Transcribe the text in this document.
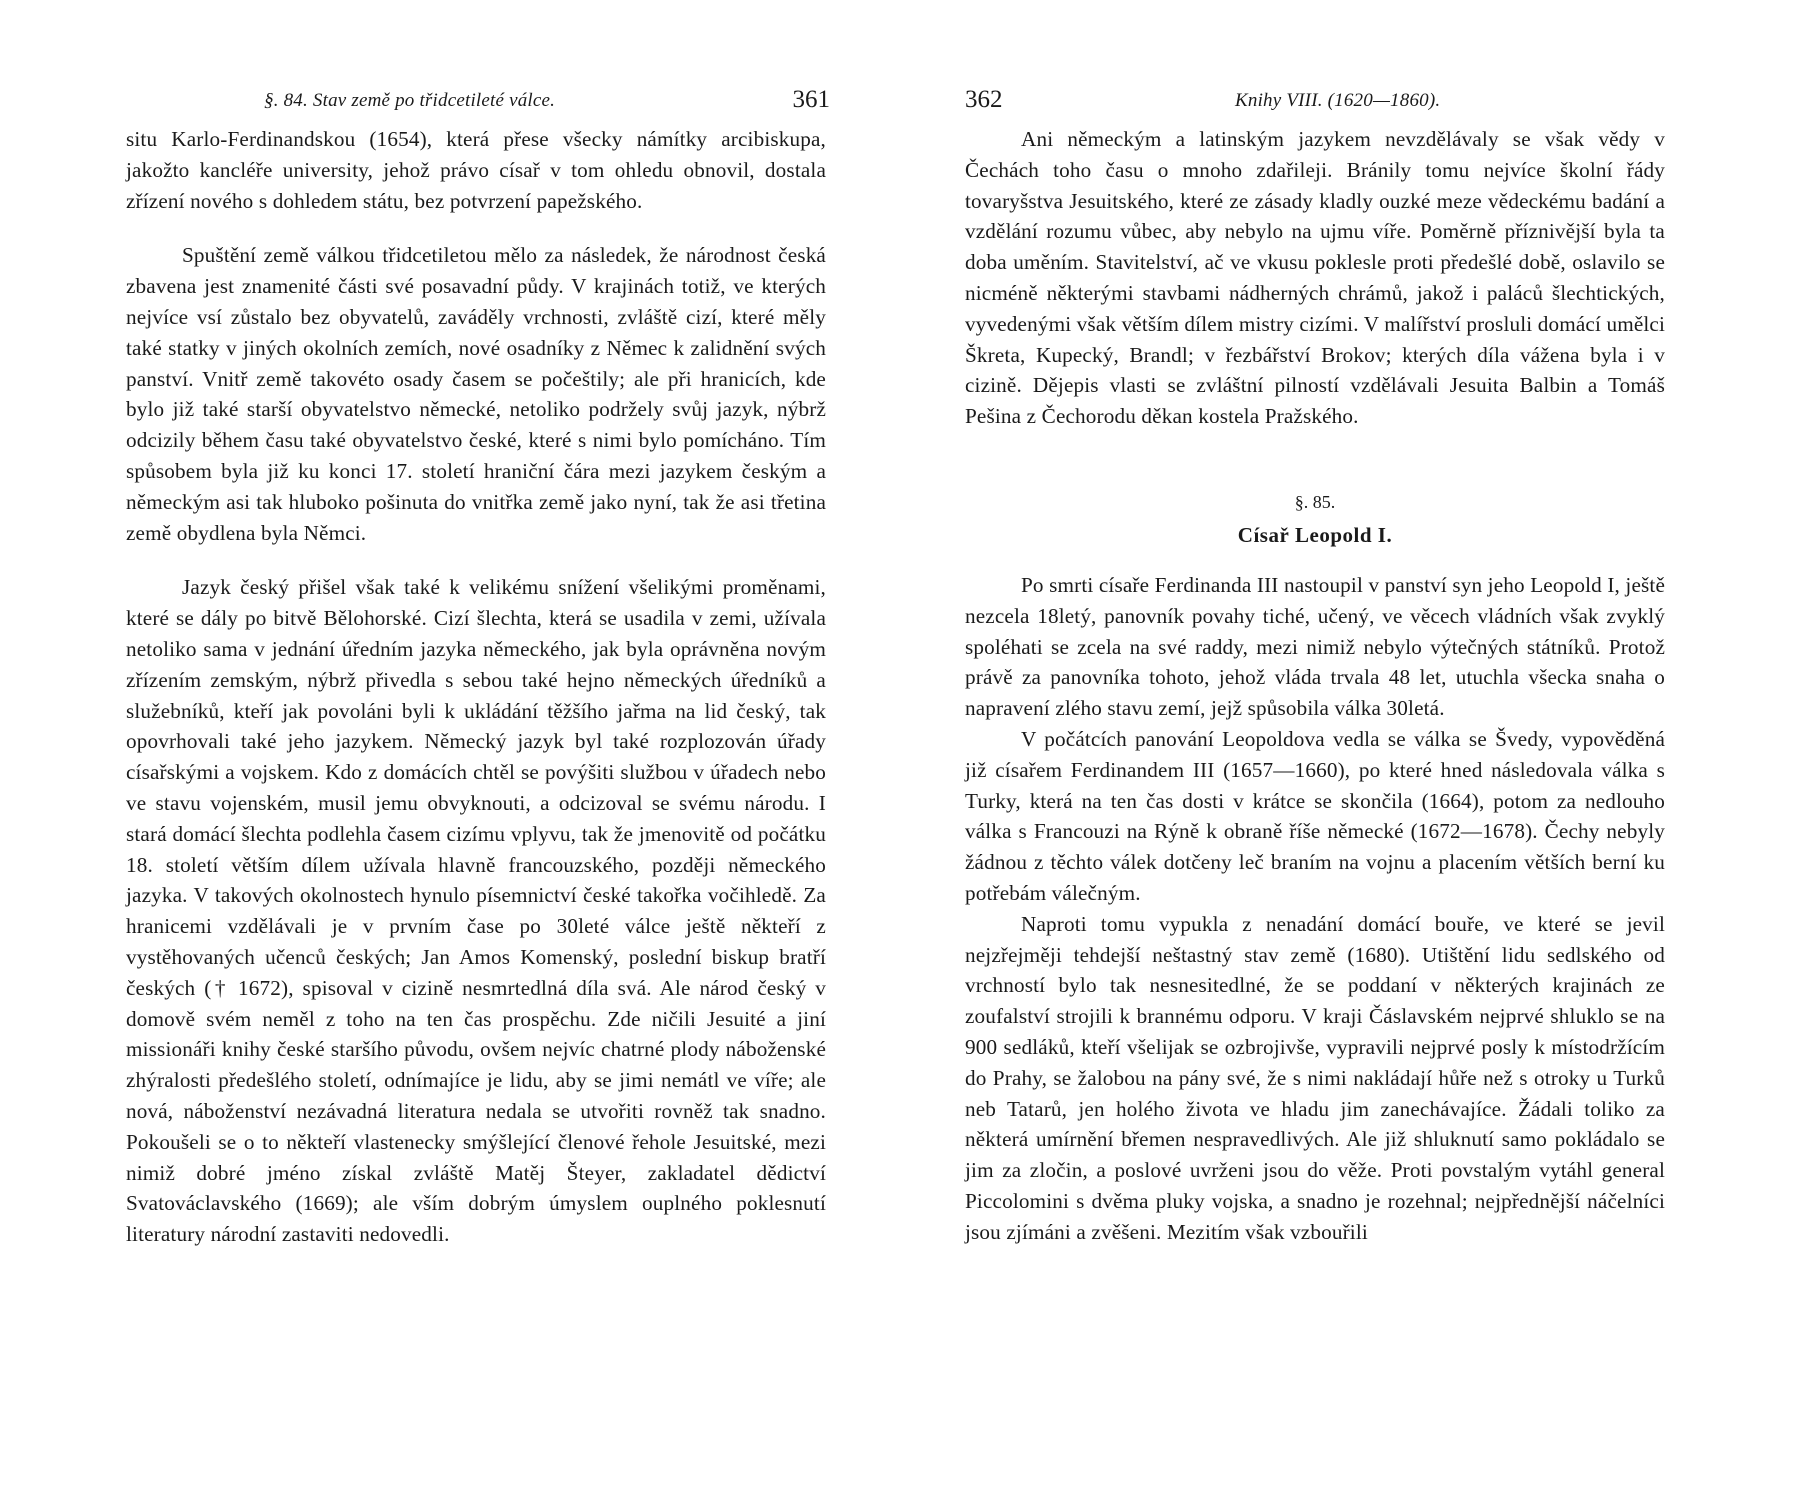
§. 84. Stav země po třidcetileté válce.	361

situ Karlo-Ferdinandskou (1654), která přese všecky námítky arcibiskupa, jakožto kancléře university, jehož právo císař v tom ohledu obnovil, dostala zřízení nového s dohledem státu, bez potvrzení papežského.

Spuštění země válkou třidcetiletou mělo za následek, že národnost česká zbavena jest znamenité části své posavadní půdy. V krajinách totiž, ve kterých nejvíce vsí zůstalo bez obyvatelů, zaváděly vrchnosti, zvláště cizí, které měly také statky v jiných okolních zemích, nové osadníky z Němec k zalidnění svých panství. Vnitř země takovéto osady časem se počeštily; ale při hranicích, kde bylo již také starší obyvatelstvo německé, netoliko podržely svůj jazyk, nýbrž odcizily během času také obyvatelstvo české, které s nimi bylo pomícháno. Tím spůsobem byla již ku konci 17. století hraniční čára mezi jazykem českým a německým asi tak hluboko pošinuta do vnitřka země jako nyní, tak že asi třetina země obydlena byla Němci.

Jazyk český přišel však také k velikému snížení všelikými proměnami, které se dály po bitvě Bělohorské. Cizí šlechta, která se usadila v zemi, užívala netoliko sama v jednání úředním jazyka německého, jak byla oprávněna novým zřízením zemským, nýbrž přivedla s sebou také hejno německých úředníků a služebníků, kteří jak povoláni byli k ukládání těžšího jařma na lid český, tak opovrhovali také jeho jazykem. Německý jazyk byl také rozplozován úřady císařskými a vojskem. Kdo z domácích chtěl se povýšiti službou v úřadech nebo ve stavu vojenském, musil jemu obvyknouti, a odcizoval se svému národu. I stará domácí šlechta podlehla časem cizímu vplyvu, tak že jmenovitě od počátku 18. století větším dílem užívala hlavně francouzského, později německého jazyka. V takových okolnostech hynulo písemnictví české takořka vočihledě. Za hranicemi vzdělávali je v prvním čase po 30leté válce ještě někteří z vystěhovaných učenců českých; Jan Amos Komenský, poslední biskup bratří českých († 1672), spisoval v cizině nesmrtedlná díla svá. Ale národ český v domově svém neměl z toho na ten čas prospěchu. Zde ničili Jesuité a jiní missionáři knihy české staršího původu, ovšem nejvíc chatrné plody náboženské zhýralosti předešlého století, odnímajíce je lidu, aby se jimi nemátl ve víře; ale nová, náboženství nezávadná literatura nedala se utvořiti rovněž tak snadno. Pokoušeli se o to někteří vlastenecky smýšlející členové řehole Jesuitské, mezi nimiž dobré jméno získal zvláště Matěj Šteyer, zakladatel dědictví Svatováclavského (1669); ale vším dobrým úmyslem ouplného poklesnutí literatury národní zastaviti nedovedli.

362	Knihy VIII. (1620—1860).

Ani německým a latinským jazykem nevzdělávaly se však vědy v Čechách toho času o mnoho zdařileji. Bránily tomu nejvíce školní řády tovaryšstva Jesuitského, které ze zásady kladly ouzké meze vědeckému badání a vzdělání rozumu vůbec, aby nebylo na ujmu víře. Poměrně příznivější byla ta doba uměním. Stavitelství, ač ve vkusu poklesle proti předešlé době, oslavilo se nicméně některými stavbami nádherných chrámů, jakož i paláců šlechtických, vyvedenými však větším dílem mistry cizími. V malířství prosluli domácí umělci Škreta, Kupecký, Brandl; v řezbářství Brokov; kterých díla vážena byla i v cizině. Dějepis vlasti se zvláštní pilností vzdělávali Jesuita Balbin a Tomáš Pešina z Čechorodu děkan kostela Pražského.

§. 85.
Císař Leopold I.

Po smrti císaře Ferdinanda III nastoupil v panství syn jeho Leopold I, ještě nezcela 18letý, panovník povahy tiché, učený, ve věcech vládních však zvyklý spoléhati se zcela na své raddy, mezi nimiž nebylo výtečných státníků. Protož právě za panovníka tohoto, jehož vláda trvala 48 let, utuchla všecka snaha o napravení zlého stavu zemí, jejž spůsobila válka 30letá.

V počátcích panování Leopoldova vedla se válka se Švedy, vypověděná již císařem Ferdinandem III (1657—1660), po které hned následovala válka s Turky, která na ten čas dosti v krátce se skončila (1664), potom za nedlouho válka s Francouzi na Rýně k obraně říše německé (1672—1678). Čechy nebyly žádnou z těchto válek dotčeny leč braním na vojnu a placením větších berní ku potřebám válečným.

Naproti tomu vypukla z nenadání domácí bouře, ve které se jevil nejzřejměji tehdejší neštastný stav země (1680). Utištění lidu sedlského od vrchností bylo tak nesnesitedlné, že se poddaní v některých krajinách ze zoufalství strojili k brannému odporu. V kraji Čáslavském nejprvé shluklo se na 900 sedláků, kteří všelijak se ozbrojivše, vypravili nejprvé posly k místodržícím do Prahy, se žalobou na pány své, že s nimi nakládají hůře než s otroky u Turků neb Tatarů, jen holého života ve hladu jim zanechávajíce. Žádali toliko za některá umírnění břemen nespravedlivých. Ale již shluknutí samo pokládalo se jim za zločin, a poslové uvrženi jsou do věže. Proti povstalým vytáhl general Piccolomini s dvěma pluky vojska, a snadno je rozehnal; nejpřednější náčelníci jsou zjímáni a zvěšeni. Mezitím však vzbouřili
